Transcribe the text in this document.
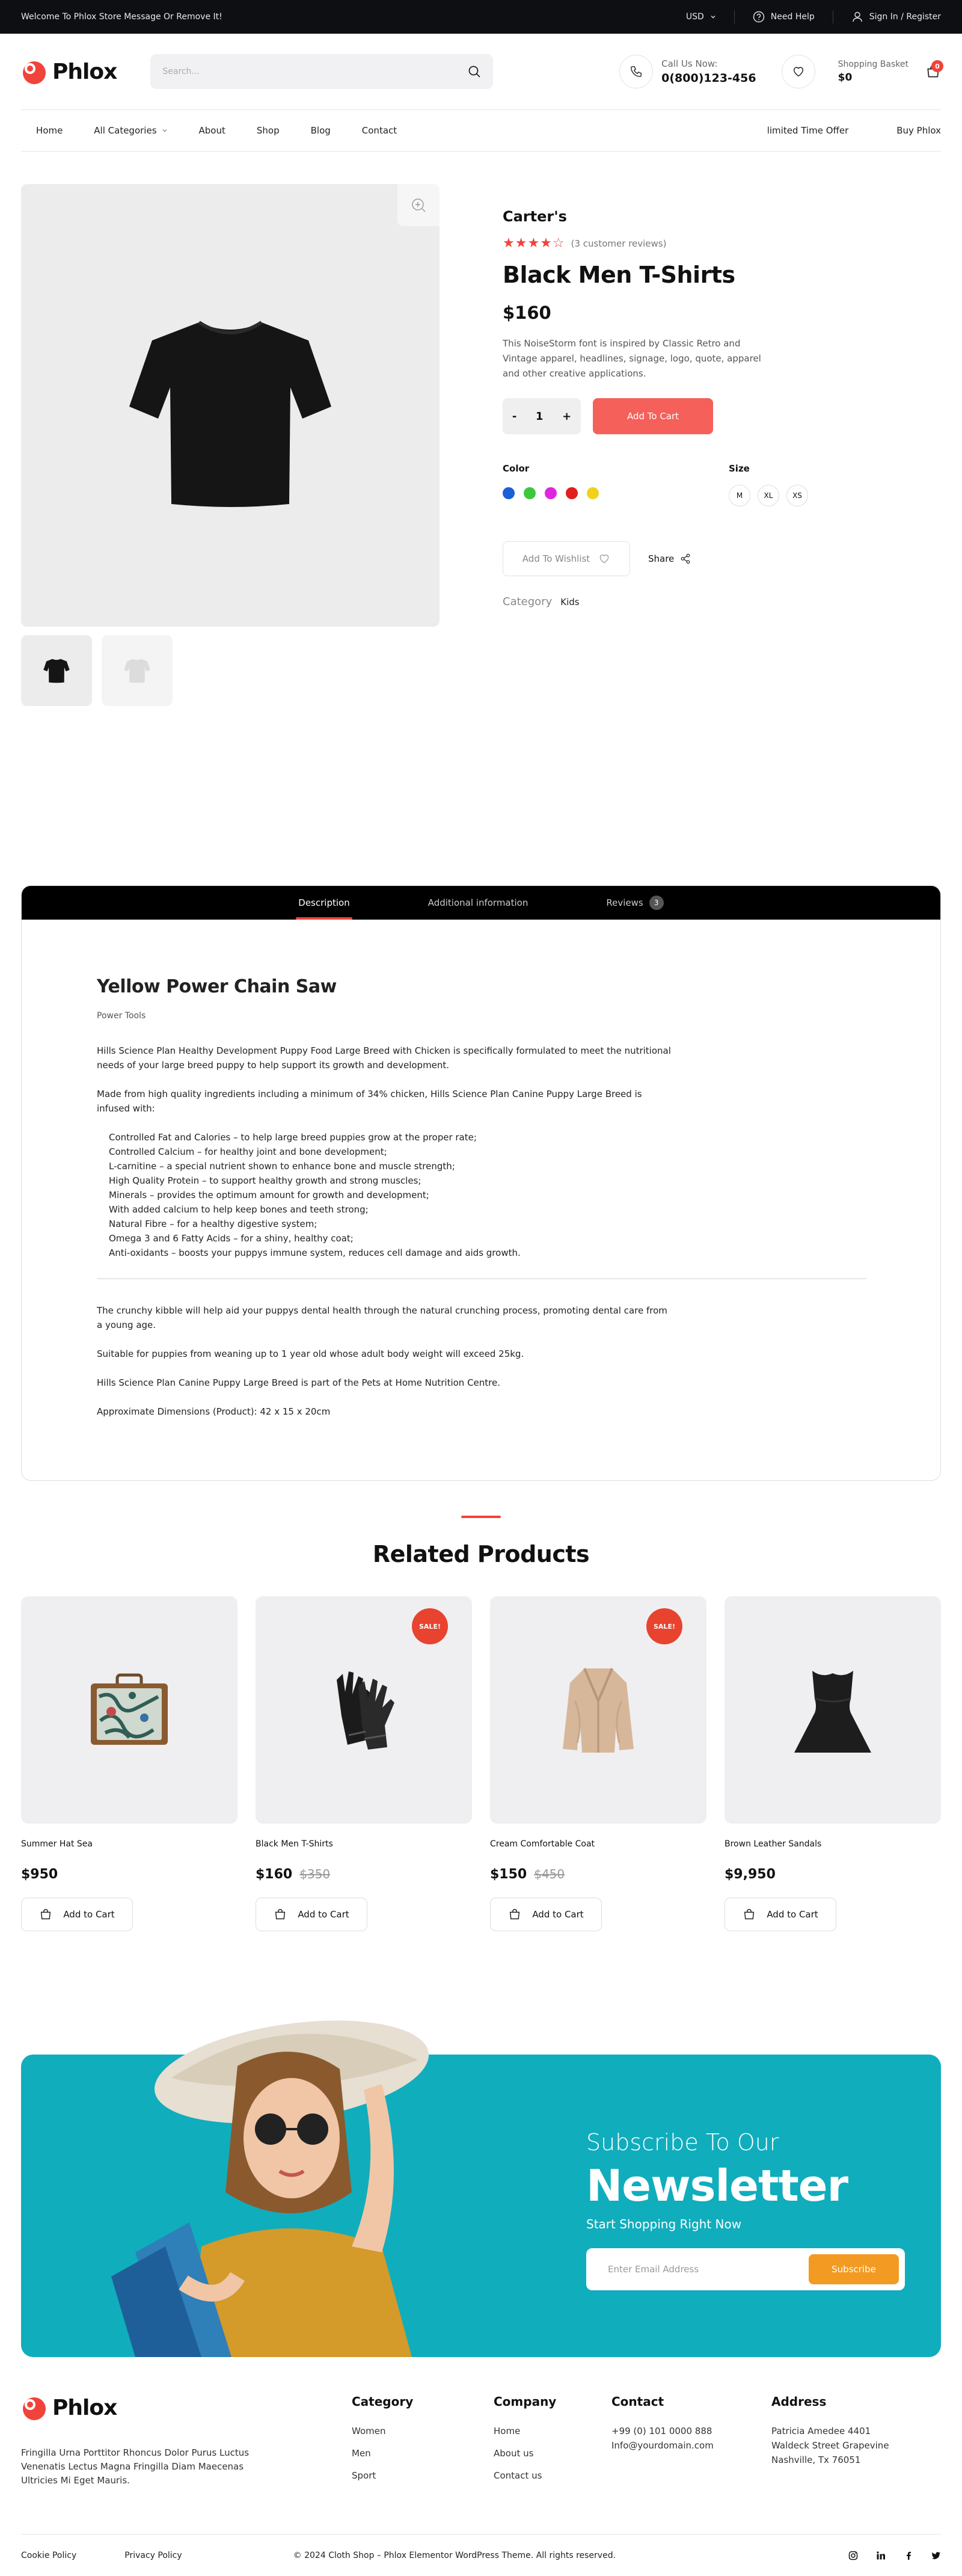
Welcome To Phlox Store Message Or Remove It!	USD	Need Help	Sign In / Register
Phlox	Search...
Call Us Now:
0(800)123-456
Shopping Basket
$0
0
Home	All Categories	About	Shop	Blog	Contact	limited Time Offer	Buy Phlox
Carter's
★★★★☆ (3 customer reviews)
Black Men T-Shirts
$160
This NoiseStorm font is inspired by Classic Retro and Vintage apparel, headlines, signage, logo, quote, apparel and other creative applications.
- 1 +	Add To Cart
Color	Size
M	XL	XS
Add To Wishlist	Share
Category Kids
Description	Additional information	Reviews	3
Yellow Power Chain Saw
Power Tools

Hills Science Plan Healthy Development Puppy Food Large Breed with Chicken is specifically formulated to meet the nutritional needs of your large breed puppy to help support its growth and development.

Made from high quality ingredients including a minimum of 34% chicken, Hills Science Plan Canine Puppy Large Breed is infused with:

Controlled Fat and Calories – to help large breed puppies grow at the proper rate;
Controlled Calcium – for healthy joint and bone development;
L-carnitine – a special nutrient shown to enhance bone and muscle strength;
High Quality Protein – to support healthy growth and strong muscles;
Minerals – provides the optimum amount for growth and development;
With added calcium to help keep bones and teeth strong;
Natural Fibre – for a healthy digestive system;
Omega 3 and 6 Fatty Acids – for a shiny, healthy coat;
Anti-oxidants – boosts your puppys immune system, reduces cell damage and aids growth.

The crunchy kibble will help aid your puppys dental health through the natural crunching process, promoting dental care from a young age.

Suitable for puppies from weaning up to 1 year old whose adult body weight will exceed 25kg.

Hills Science Plan Canine Puppy Large Breed is part of the Pets at Home Nutrition Centre.

Approximate Dimensions (Product): 42 x 15 x 20cm

Related Products
Summer Hat Sea
$950
Add to Cart
SALE!
Black Men T-Shirts
$160 $350
Add to Cart
SALE!
Cream Comfortable Coat
$150 $450
Add to Cart
Brown Leather Sandals
$9,950
Add to Cart
Subscribe To Our
Newsletter
Start Shopping Right Now
Enter Email Address	Subscribe
Phlox
Fringilla Urna Porttitor Rhoncus Dolor Purus Luctus Venenatis Lectus Magna Fringilla Diam Maecenas Ultricies Mi Eget Mauris.
Category
Women
Men
Sport
Company
Home
About us
Contact us
Contact
+99 (0) 101 0000 888
Info@yourdomain.com
Address
Patricia Amedee 4401
Waldeck Street Grapevine
Nashville, Tx 76051
Cookie Policy	Privacy Policy	© 2024 Cloth Shop – Phlox Elementor WordPress Theme. All rights reserved.
